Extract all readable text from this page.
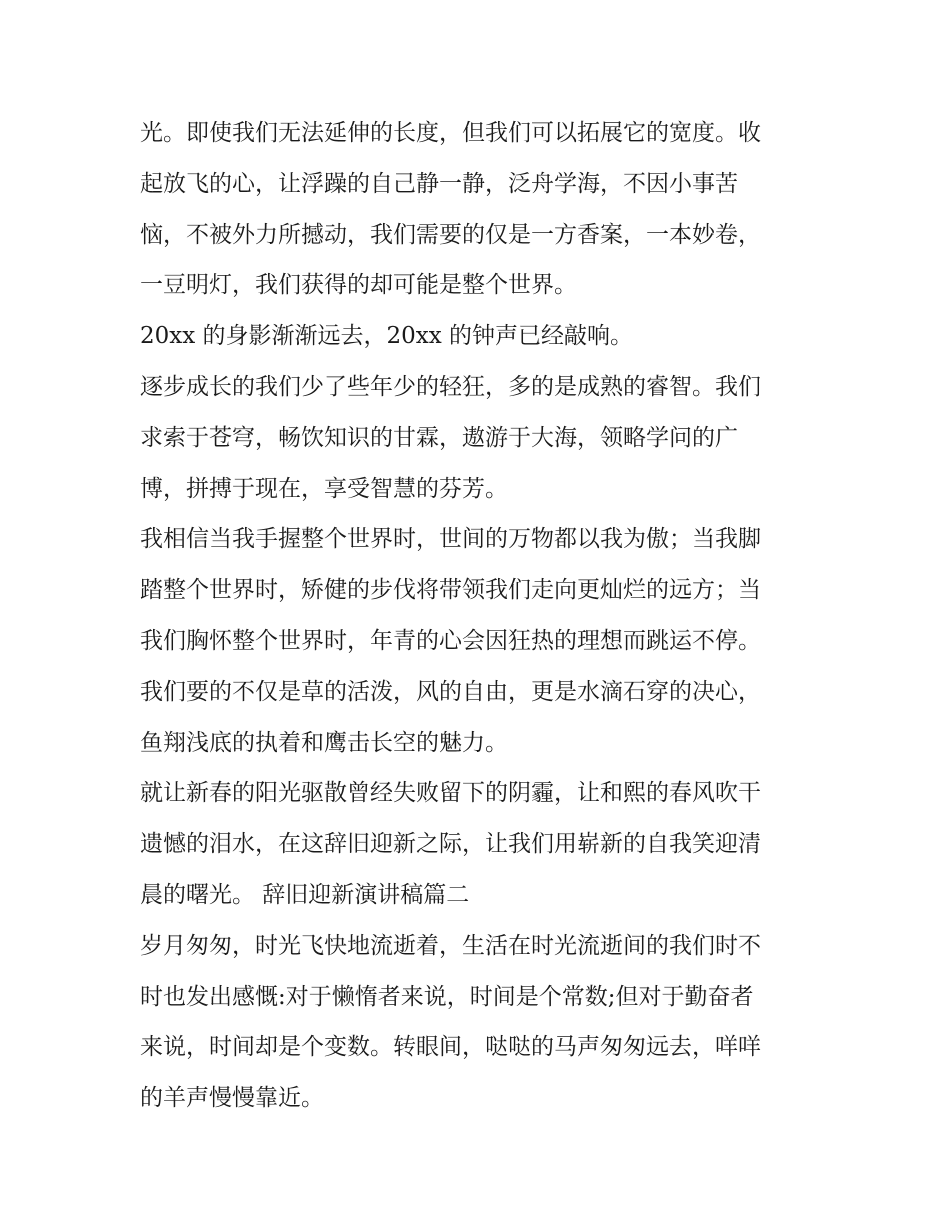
光。即使我们无法延伸的长度，但我们可以拓展它的宽度。收
起放飞的心，让浮躁的自己静一静，泛舟学海，不因小事苦
恼，不被外力所撼动，我们需要的仅是一方香案，一本妙卷，
一豆明灯，我们获得的却可能是整个世界。
20xx 的身影渐渐远去，20xx 的钟声已经敲响。
逐步成长的我们少了些年少的轻狂，多的是成熟的睿智。我们
求索于苍穹，畅饮知识的甘霖，遨游于大海，领略学问的广
博，拼搏于现在，享受智慧的芬芳。
我相信当我手握整个世界时，世间的万物都以我为傲；当我脚
踏整个世界时，矫健的步伐将带领我们走向更灿烂的远方；当
我们胸怀整个世界时，年青的心会因狂热的理想而跳运不停。
我们要的不仅是草的活泼，风的自由，更是水滴石穿的决心，
鱼翔浅底的执着和鹰击长空的魅力。
就让新春的阳光驱散曾经失败留下的阴霾，让和熙的春风吹干
遗憾的泪水，在这辞旧迎新之际，让我们用崭新的自我笑迎清
晨的曙光。 辞旧迎新演讲稿篇二
岁月匆匆，时光飞快地流逝着，生活在时光流逝间的我们时不
时也发出感慨:对于懒惰者来说，时间是个常数;但对于勤奋者
来说，时间却是个变数。转眼间，哒哒的马声匆匆远去，咩咩
的羊声慢慢靠近。
